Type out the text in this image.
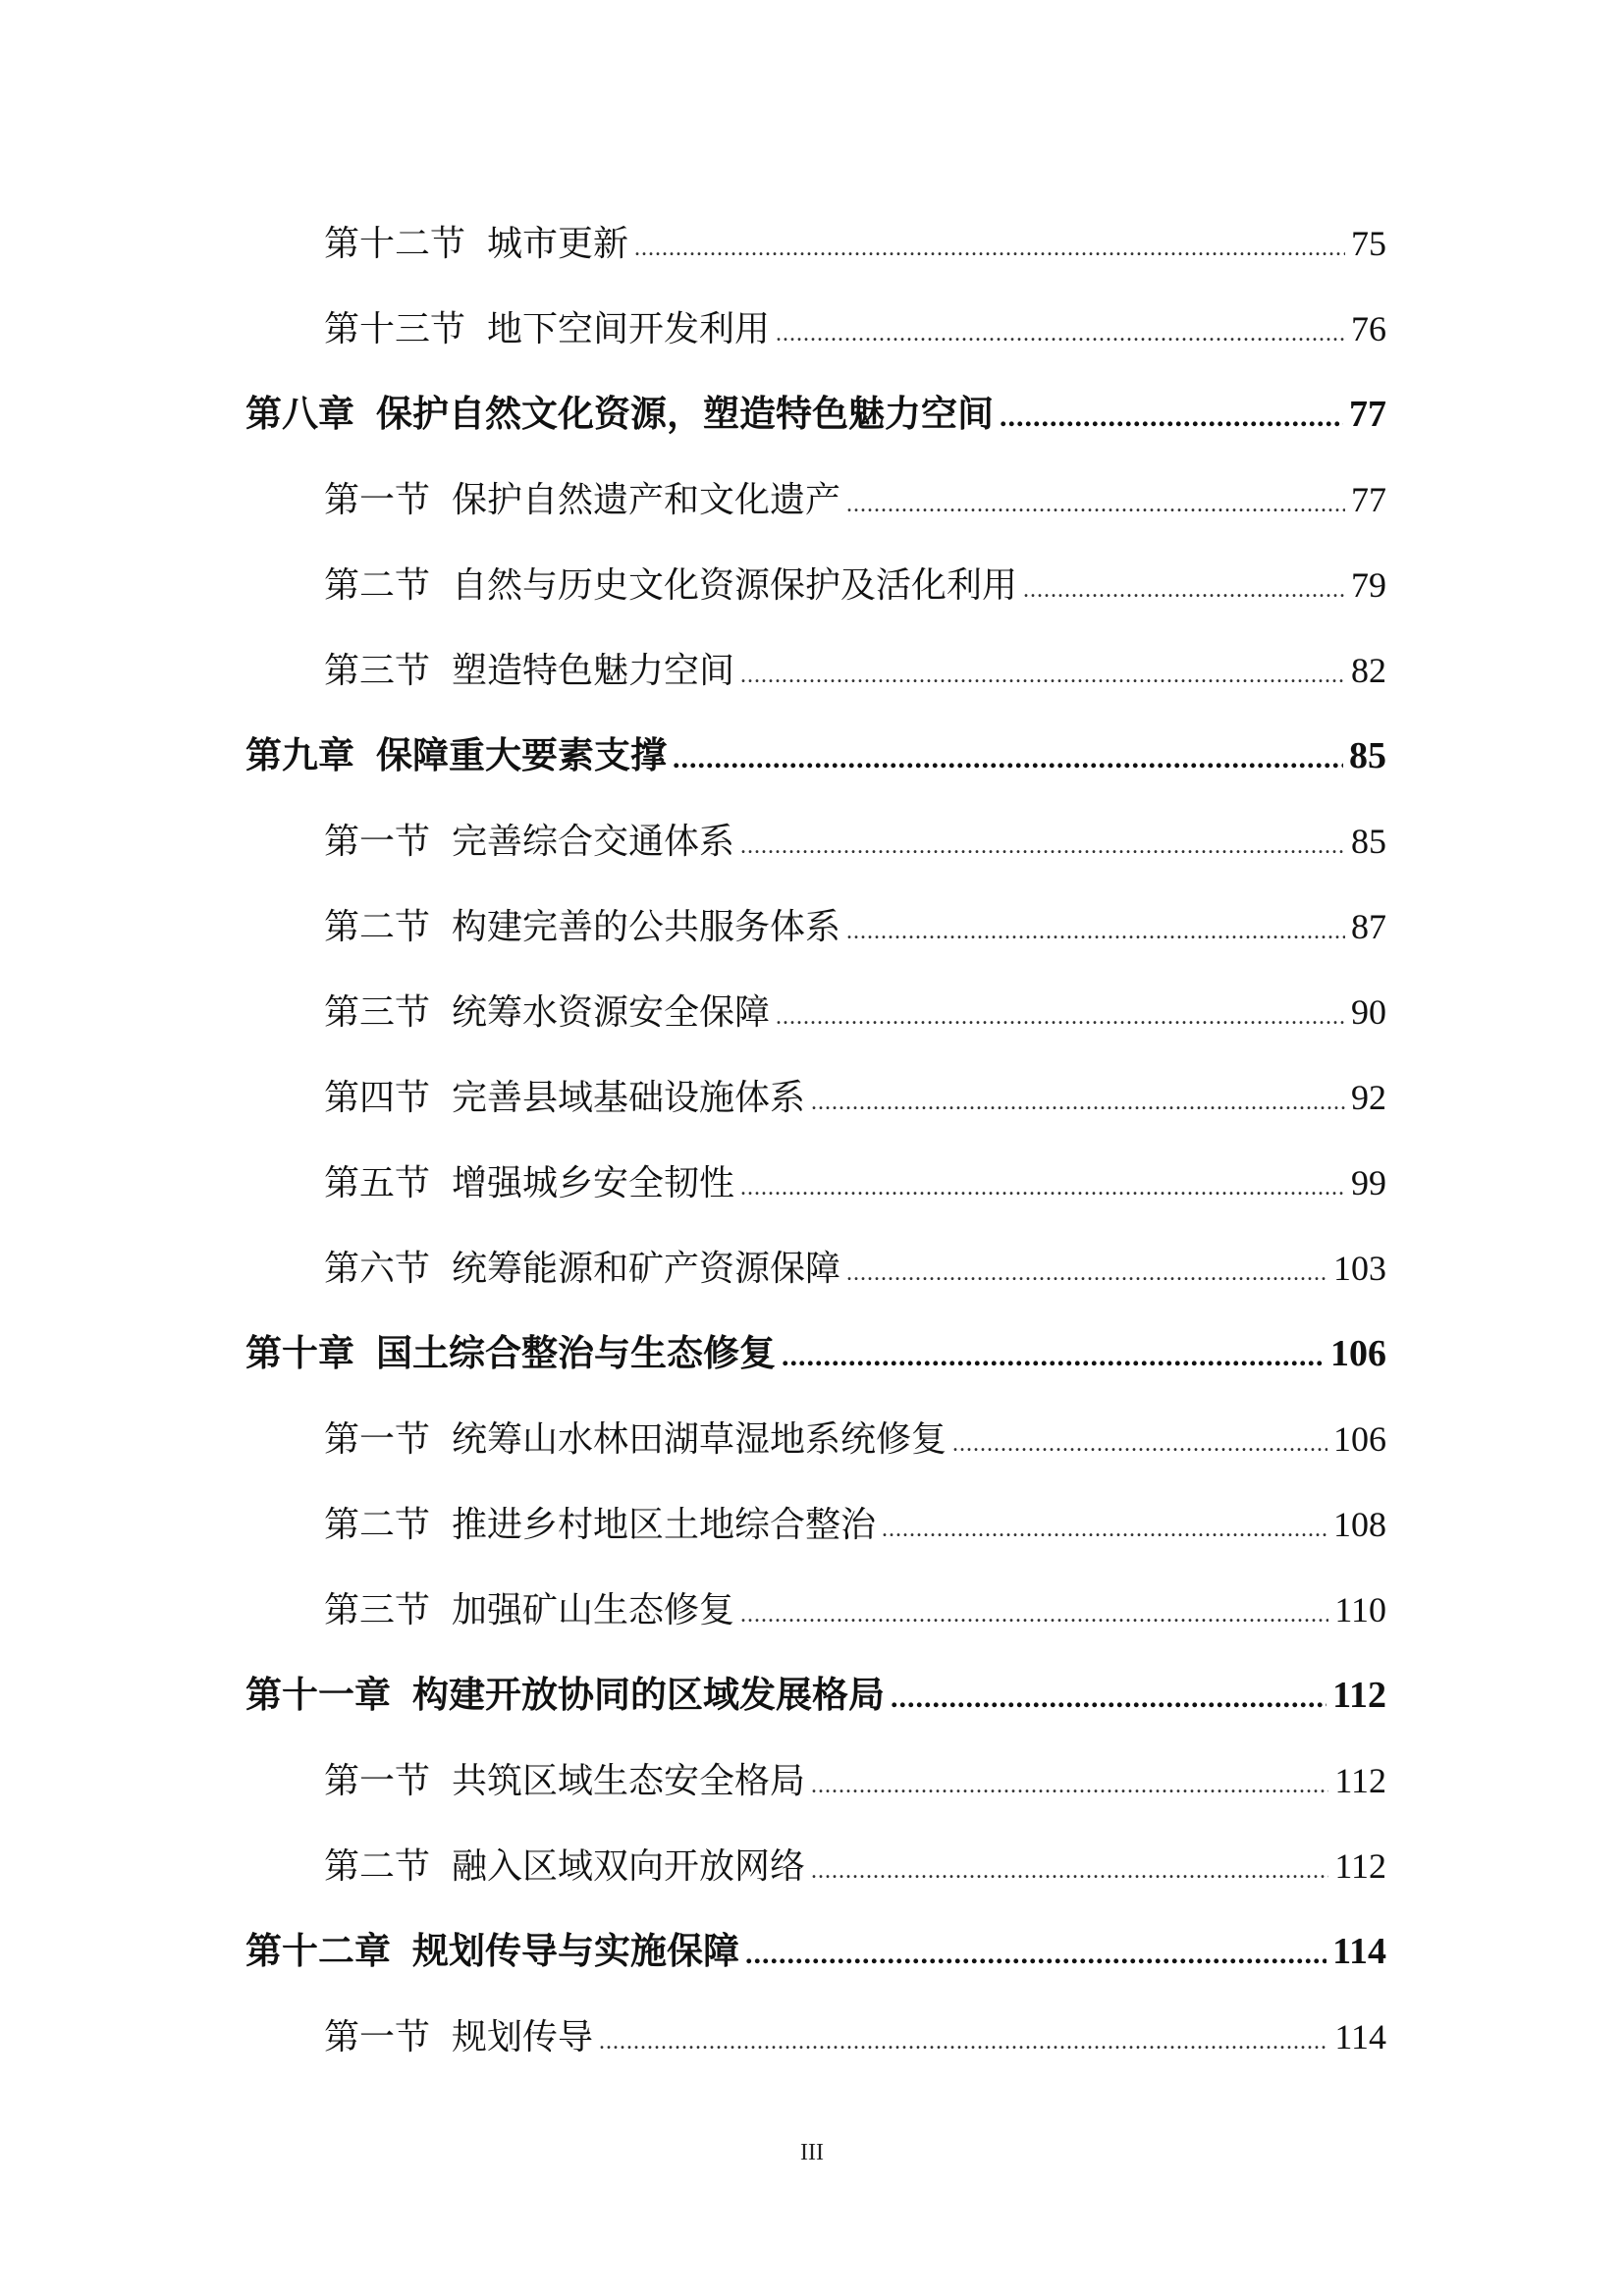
第十二节 城市更新 .....	75
第十三节 地下空间开发利用 .....	76
第八章 保护自然文化资源，塑造特色魅力空间 .....	77
第一节 保护自然遗产和文化遗产 .....	77
第二节 自然与历史文化资源保护及活化利用 .....	79
第三节 塑造特色魅力空间 .....	82
第九章 保障重大要素支撑 .....	85
第一节 完善综合交通体系 .....	85
第二节 构建完善的公共服务体系 .....	87
第三节 统筹水资源安全保障 .....	90
第四节 完善县域基础设施体系 .....	92
第五节 增强城乡安全韧性 .....	99
第六节 统筹能源和矿产资源保障 .....	103
第十章 国土综合整治与生态修复 .....	106
第一节 统筹山水林田湖草湿地系统修复 .....	106
第二节 推进乡村地区土地综合整治 .....	108
第三节 加强矿山生态修复 .....	110
第十一章 构建开放协同的区域发展格局 .....	112
第一节 共筑区域生态安全格局 .....	112
第二节 融入区域双向开放网络 .....	112
第十二章 规划传导与实施保障 .....	114
第一节 规划传导 .....	114
III
